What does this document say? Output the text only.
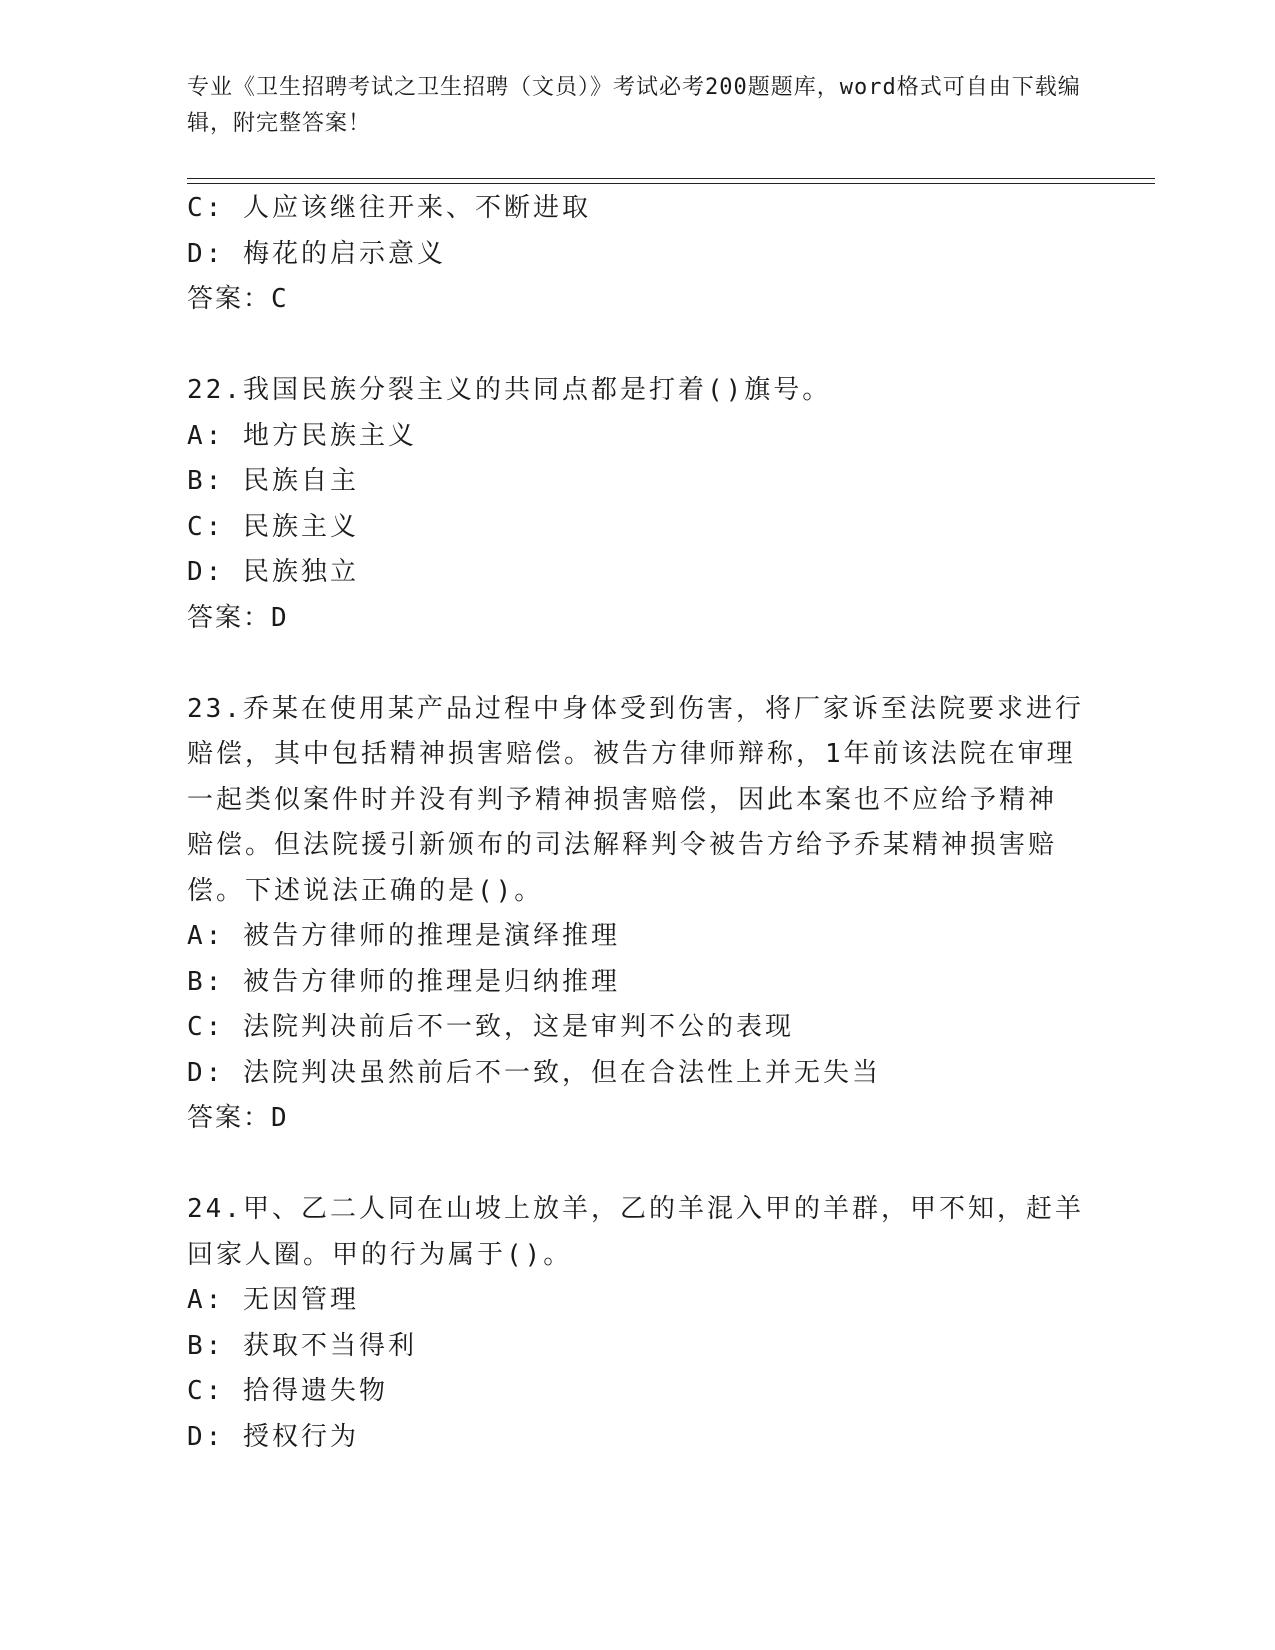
专业《卫生招聘考试之卫生招聘（文员）》考试必考200题题库，word格式可自由下载编辑，附完整答案！
C: 人应该继往开来、不断进取
D: 梅花的启示意义
答案：C
22.我国民族分裂主义的共同点都是打着()旗号。
A: 地方民族主义
B: 民族自主
C: 民族主义
D: 民族独立
答案：D
23.乔某在使用某产品过程中身体受到伤害，将厂家诉至法院要求进行
赔偿，其中包括精神损害赔偿。被告方律师辩称，1年前该法院在审理
一起类似案件时并没有判予精神损害赔偿，因此本案也不应给予精神
赔偿。但法院援引新颁布的司法解释判令被告方给予乔某精神损害赔
偿。下述说法正确的是()。
A: 被告方律师的推理是演绎推理
B: 被告方律师的推理是归纳推理
C: 法院判决前后不一致，这是审判不公的表现
D: 法院判决虽然前后不一致，但在合法性上并无失当
答案：D
24.甲、乙二人同在山坡上放羊，乙的羊混入甲的羊群，甲不知，赶羊
回家人圈。甲的行为属于()。
A: 无因管理
B: 获取不当得利
C: 拾得遗失物
D: 授权行为
